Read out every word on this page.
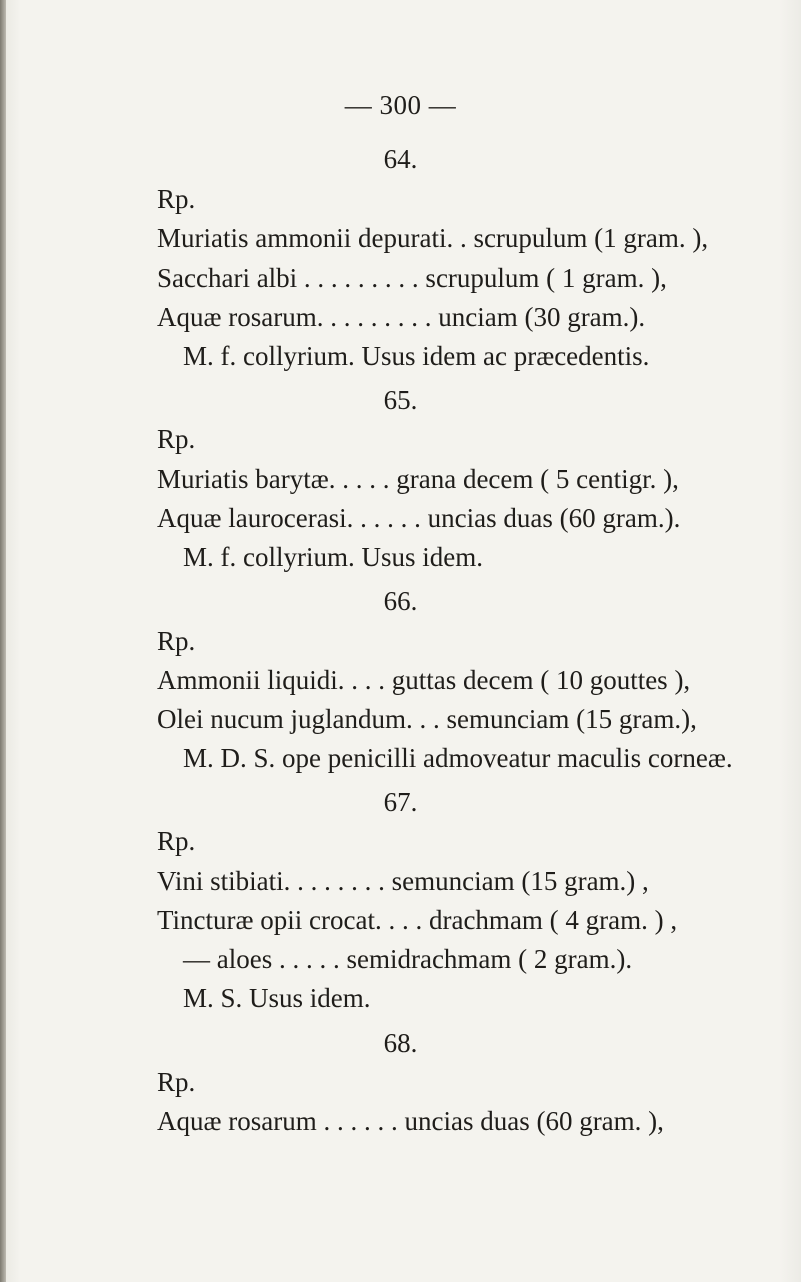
— 300 —
64.
Rp.
Muriatis ammonii depurati. . scrupulum (1 gram. ),
Sacchari albi . . . . . . . . . scrupulum ( 1 gram. ),
Aquæ rosarum. . . . . . . . . unciam (30 gram.).
M. f. collyrium. Usus idem ac præcedentis.
65.
Rp.
Muriatis barytæ. . . . . grana decem ( 5 centigr. ),
Aquæ laurocerasi. . . . . . uncias duas (60 gram.).
M. f. collyrium. Usus idem.
66.
Rp.
Ammonii liquidi. . . . guttas decem ( 10 gouttes ),
Olei nucum juglandum. . . semunciam (15 gram.),
M. D. S. ope penicilli admoveatur maculis corneæ.
67.
Rp.
Vini stibiati. . . . . . . . semunciam (15 gram.) ,
Tincturæ opii crocat. . . . drachmam ( 4 gram. ) ,
— aloes . . . . . semidrachmam ( 2 gram.).
M. S. Usus idem.
68.
Rp.
Aquæ rosarum . . . . . . uncias duas (60 gram. ),
